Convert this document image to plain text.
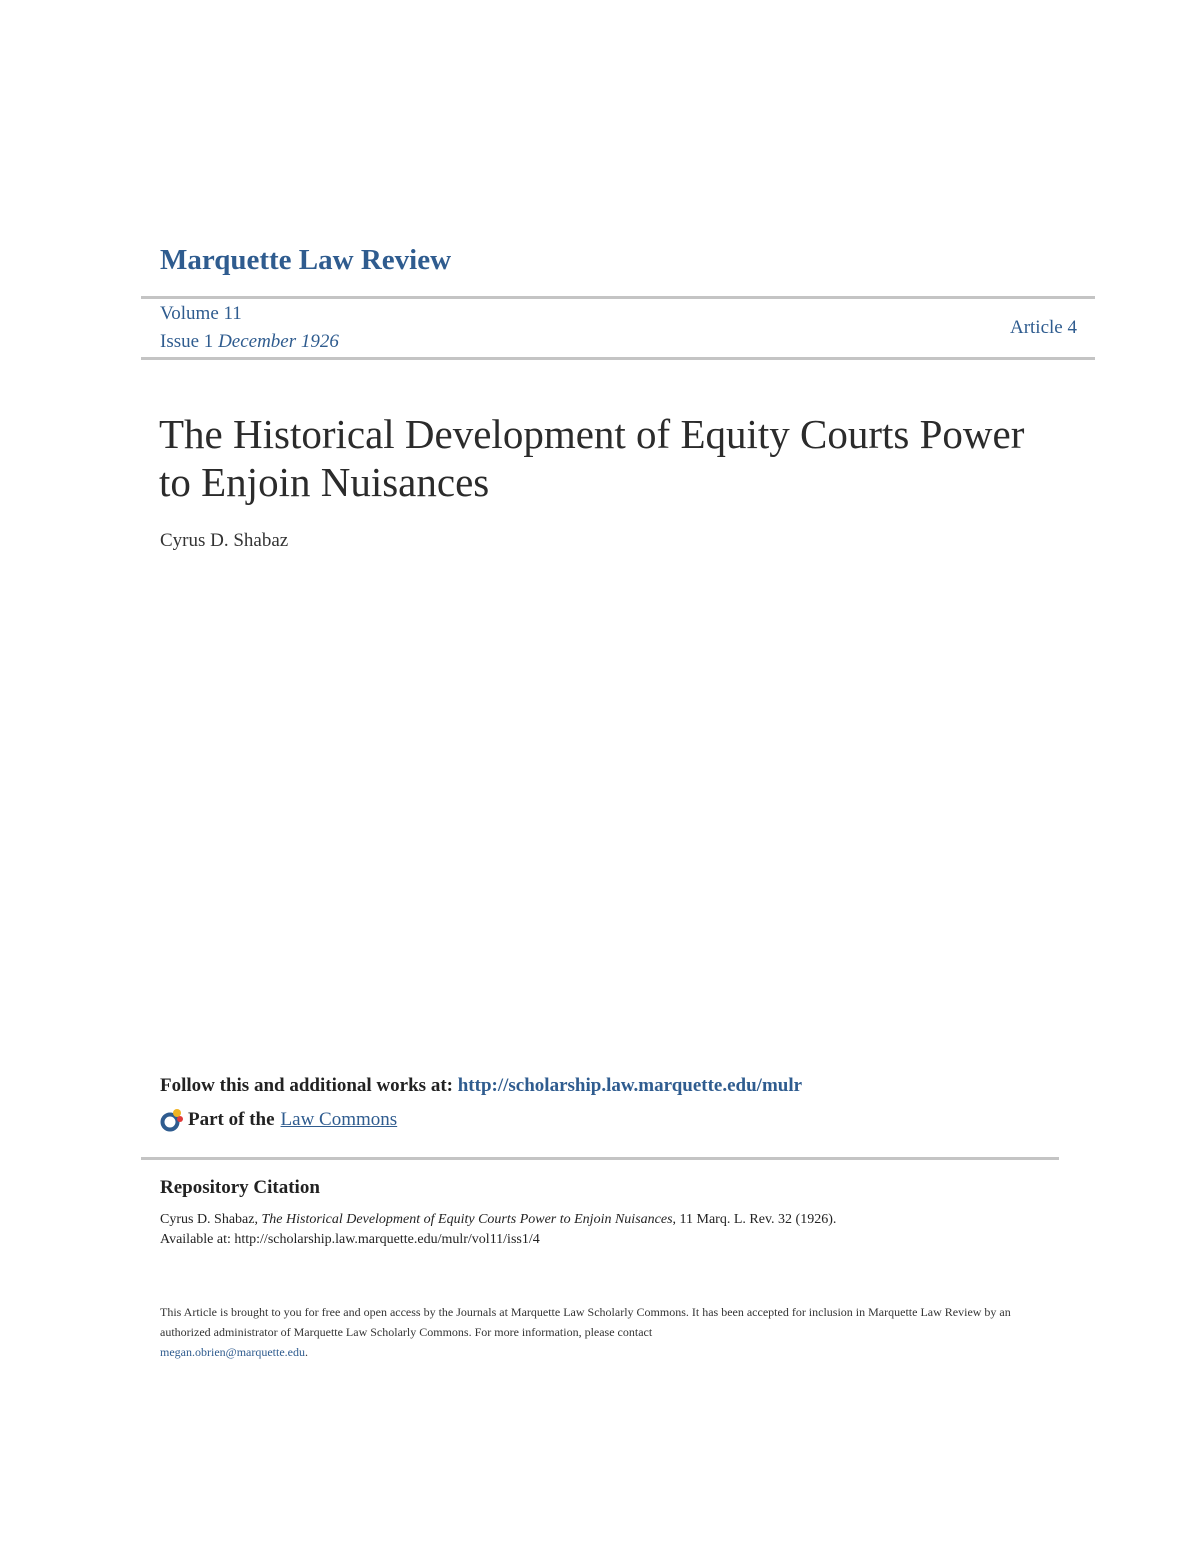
Marquette Law Review
Volume 11
Issue 1 December 1926
Article 4
The Historical Development of Equity Courts Power to Enjoin Nuisances
Cyrus D. Shabaz
Follow this and additional works at: http://scholarship.law.marquette.edu/mulr
Part of the Law Commons
Repository Citation
Cyrus D. Shabaz, The Historical Development of Equity Courts Power to Enjoin Nuisances, 11 Marq. L. Rev. 32 (1926).
Available at: http://scholarship.law.marquette.edu/mulr/vol11/iss1/4
This Article is brought to you for free and open access by the Journals at Marquette Law Scholarly Commons. It has been accepted for inclusion in Marquette Law Review by an authorized administrator of Marquette Law Scholarly Commons. For more information, please contact
megan.obrien@marquette.edu.
